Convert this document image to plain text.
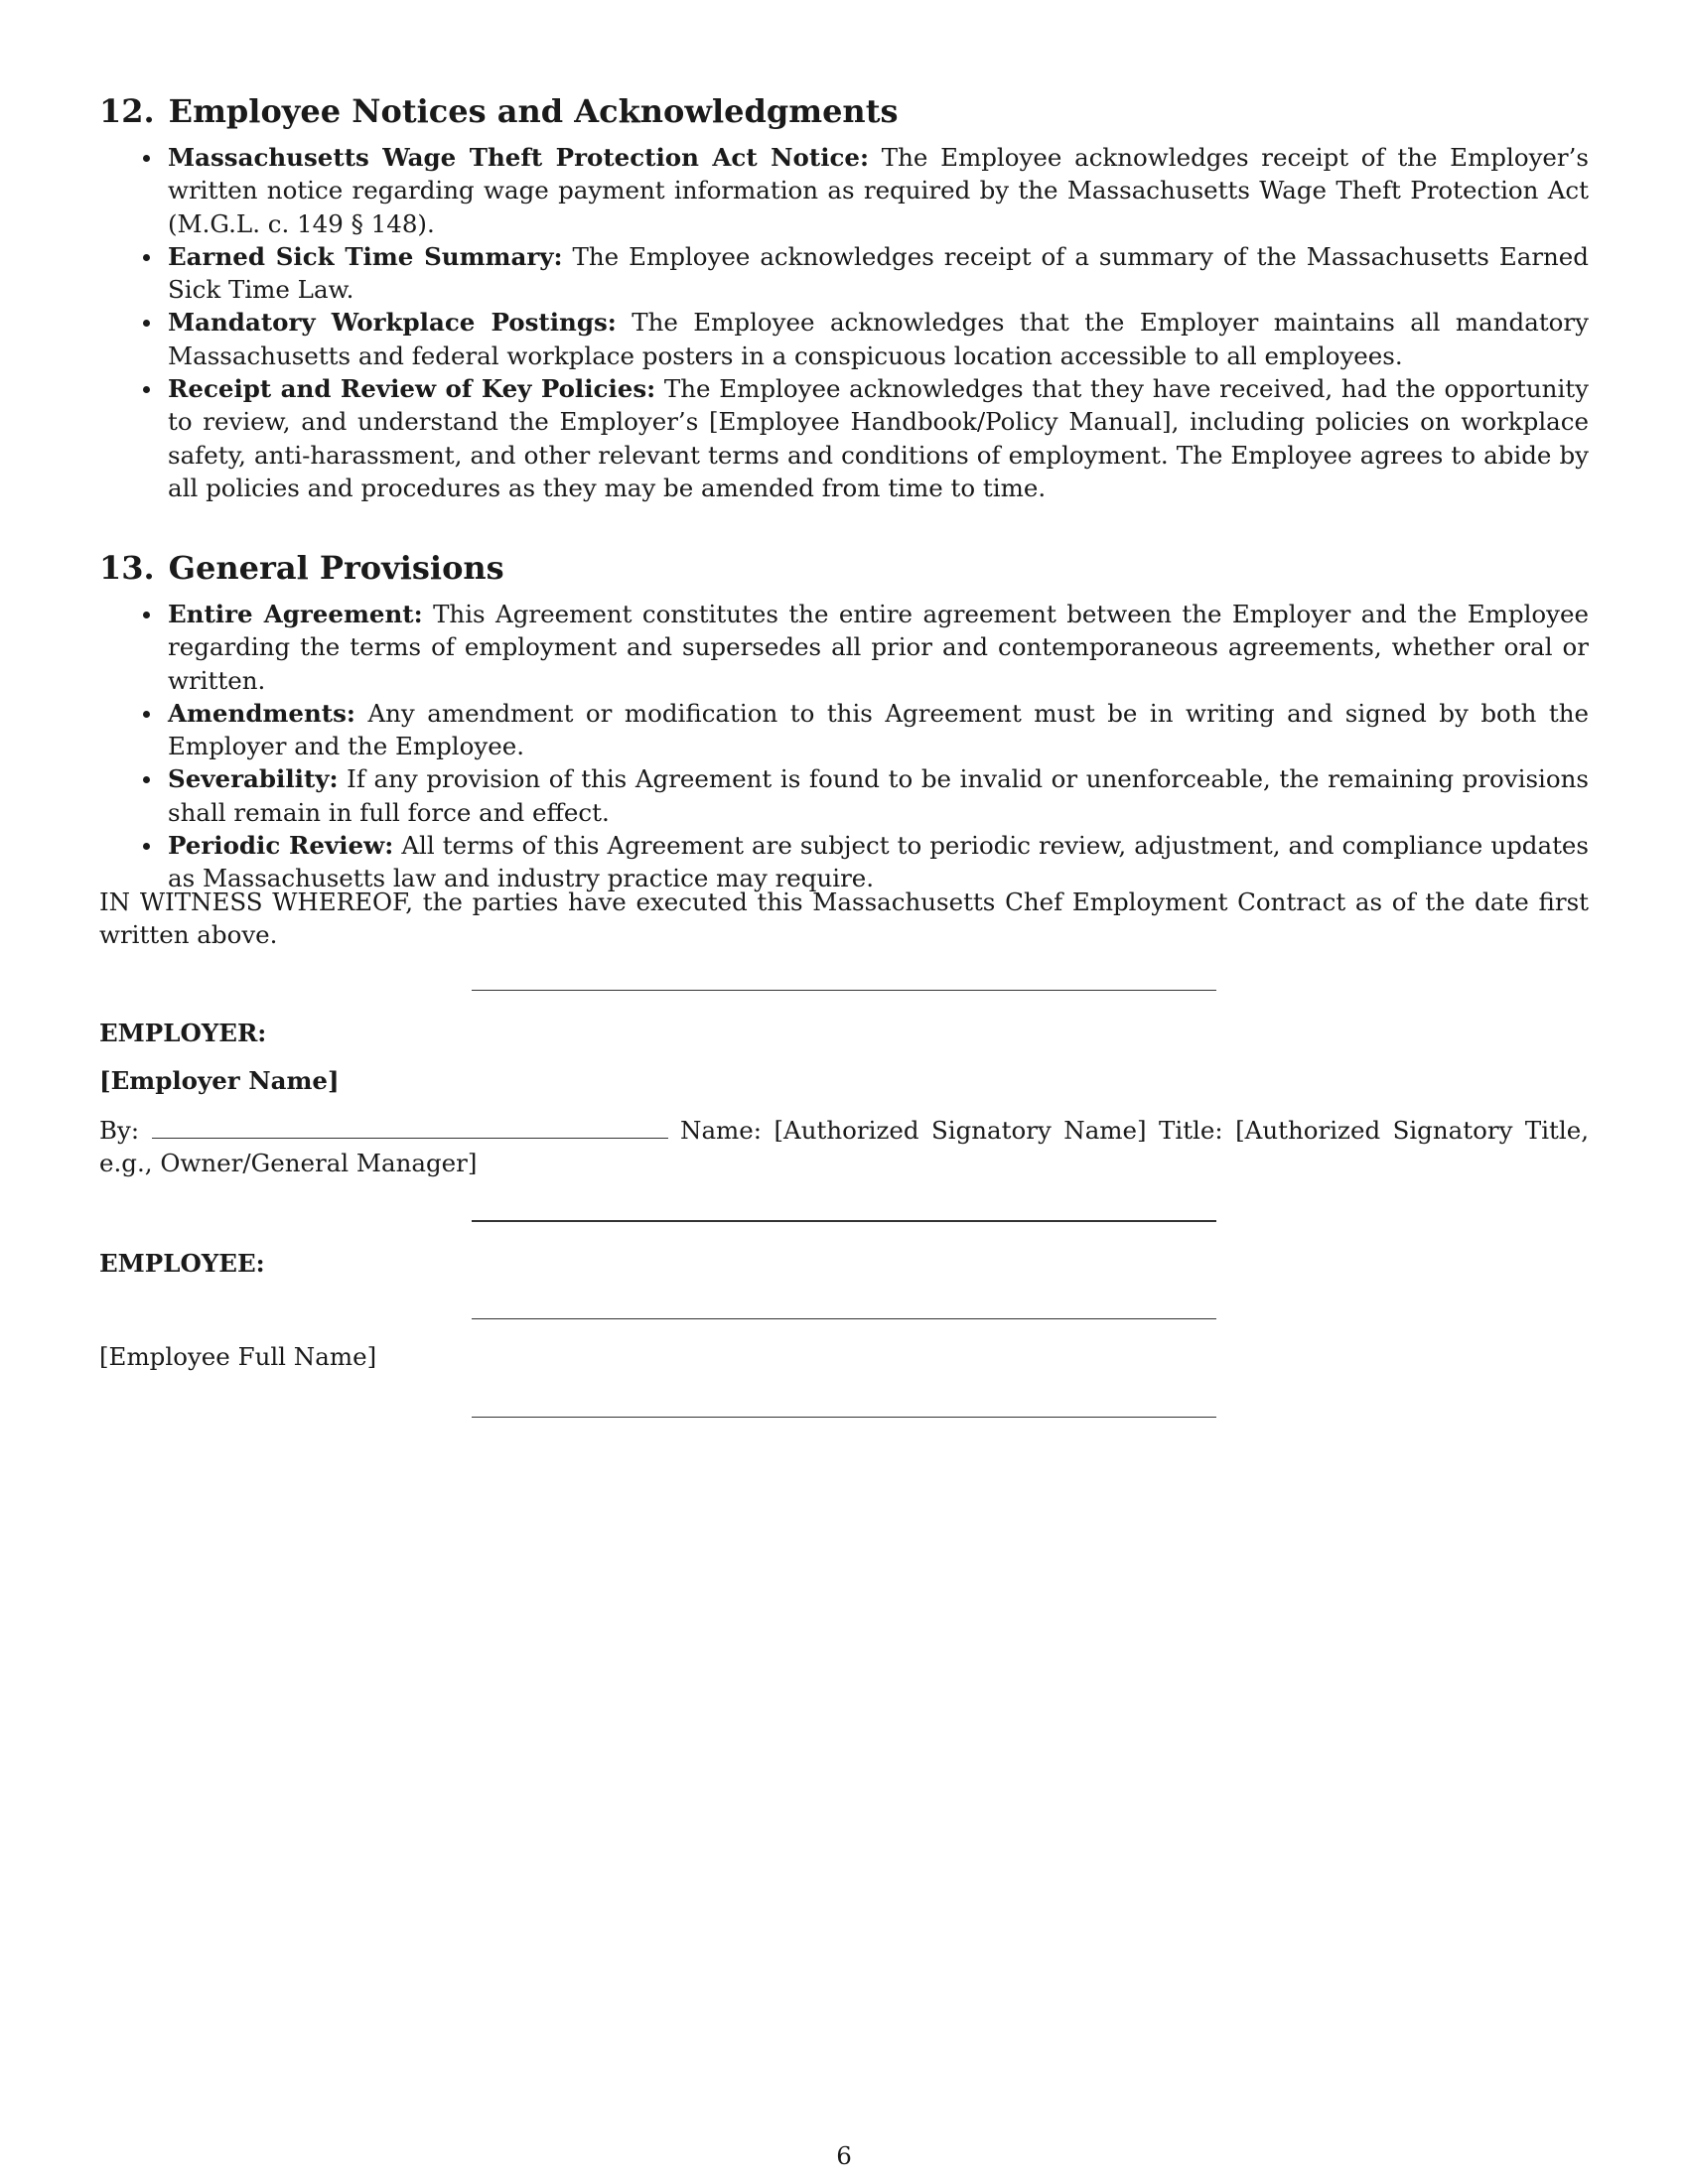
12. Employee Notices and Acknowledgments
Massachusetts Wage Theft Protection Act Notice: The Employee acknowledges receipt of the Employer’s written notice regarding wage payment information as required by the Massachusetts Wage Theft Protection Act (M.G.L. c. 149 § 148).
Earned Sick Time Summary: The Employee acknowledges receipt of a summary of the Massachusetts Earned Sick Time Law.
Mandatory Workplace Postings: The Employee acknowledges that the Employer maintains all mandatory Massachusetts and federal workplace posters in a conspicuous location accessible to all employees.
Receipt and Review of Key Policies: The Employee acknowledges that they have received, had the opportunity to review, and understand the Employer’s [Employee Handbook/Policy Manual], including policies on workplace safety, anti-harassment, and other relevant terms and conditions of employment. The Employee agrees to abide by all policies and procedures as they may be amended from time to time.
13. General Provisions
Entire Agreement: This Agreement constitutes the entire agreement between the Employer and the Employee regarding the terms of employment and supersedes all prior and contemporaneous agreements, whether oral or written.
Amendments: Any amendment or modification to this Agreement must be in writing and signed by both the Employer and the Employee.
Severability: If any provision of this Agreement is found to be invalid or unenforceable, the remaining provisions shall remain in full force and effect.
Periodic Review: All terms of this Agreement are subject to periodic review, adjustment, and compliance updates as Massachusetts law and industry practice may require.
IN WITNESS WHEREOF, the parties have executed this Massachusetts Chef Employment Contract as of the date first written above.
EMPLOYER:
[Employer Name]
By:	Name: [Authorized Signatory Name] Title: [Authorized Signatory Title, e.g., Owner/General Manager]
EMPLOYEE:
[Employee Full Name]
6
